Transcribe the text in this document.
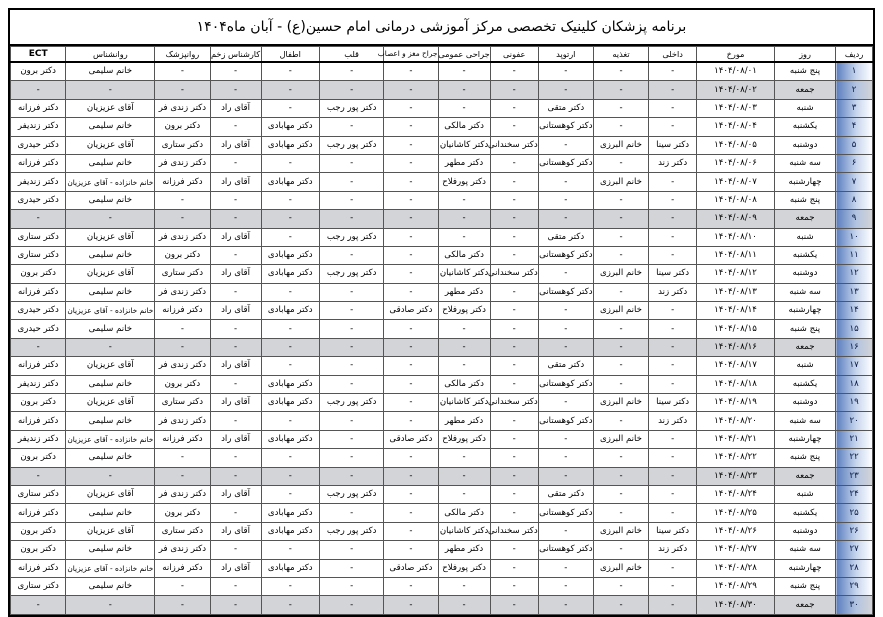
برنامه پزشکان کلینیک تخصصی مرکز آموزشی درمانی امام حسین(ع) - آبان ماه۱۴۰۴
ردیف	روز	مورخ	داخلی	تغذیه	ارتوپد	عفونی	جراحی عمومی	جراح مغز و اعصاب	قلب	اطفال	کارشناس زخم	روانپزشک	روانشناس	ECT
۱	پنج شنبه	۱۴۰۴/۰۸/۰۱	-	-	-	-	-	-	-	-	-	-	خانم سلیمی	دکتر برون
۲	جمعه	۱۴۰۴/۰۸/۰۲	-	-	-	-	-	-	-	-	-	-	-	-
۳	شنبه	۱۴۰۴/۰۸/۰۳	-	-	دکتر متقی	-	-	-	دکتر پور رجب	-	آقای راد	دکتر زندی فر	آقای عزیزیان	دکتر فرزانه
۴	یکشنبه	۱۴۰۴/۰۸/۰۴	-	-	دکتر کوهستانی	-	دکتر مالکی	-	-	دکتر مهابادی	-	دکتر برون	خانم سلیمی	دکتر زندیفر
۵	دوشنبه	۱۴۰۴/۰۸/۰۵	دکتر سینا	خانم البرزی	-	دکتر سخندانی	دکتر کاشانیان	-	دکتر پور رجب	دکتر مهابادی	آقای راد	دکتر ستاری	آقای عزیزیان	دکتر حیدری
۶	سه شنبه	۱۴۰۴/۰۸/۰۶	دکتر زند	-	دکتر کوهستانی	-	دکتر مطهر	-	-	-	-	دکتر زندی فر	خانم سلیمی	دکتر فرزانه
۷	چهارشنبه	۱۴۰۴/۰۸/۰۷	-	خانم البرزی	-	-	دکتر پورفلاح	-	-	دکتر مهابادی	آقای راد	دکتر فرزانه	خانم خانزاده - آقای عزیزیان	دکتر زندیفر
۸	پنج شنبه	۱۴۰۴/۰۸/۰۸	-	-	-	-	-	-	-	-	-	-	خانم سلیمی	دکتر حیدری
۹	جمعه	۱۴۰۴/۰۸/۰۹	-	-	-	-	-	-	-	-	-	-	-	-
۱۰	شنبه	۱۴۰۴/۰۸/۱۰	-	-	دکتر متقی	-	-	-	دکتر پور رجب	-	آقای راد	دکتر زندی فر	آقای عزیزیان	دکتر ستاری
۱۱	یکشنبه	۱۴۰۴/۰۸/۱۱	-	-	دکتر کوهستانی	-	دکتر مالکی	-	-	دکتر مهابادی	-	دکتر برون	خانم سلیمی	دکتر ستاری
۱۲	دوشنبه	۱۴۰۴/۰۸/۱۲	دکتر سینا	خانم البرزی	-	دکتر سخندانی	دکتر کاشانیان	-	دکتر پور رجب	دکتر مهابادی	آقای راد	دکتر ستاری	آقای عزیزیان	دکتر برون
۱۳	سه شنبه	۱۴۰۴/۰۸/۱۳	دکتر زند	-	دکتر کوهستانی	-	دکتر مطهر	-	-	-	-	دکتر زندی فر	خانم سلیمی	دکتر فرزانه
۱۴	چهارشنبه	۱۴۰۴/۰۸/۱۴	-	خانم البرزی	-	-	دکتر پورفلاح	دکتر صادقی	-	دکتر مهابادی	آقای راد	دکتر فرزانه	خانم خانزاده - آقای عزیزیان	دکتر حیدری
۱۵	پنج شنبه	۱۴۰۴/۰۸/۱۵	-	-	-	-	-	-	-	-	-	-	خانم سلیمی	دکتر حیدری
۱۶	جمعه	۱۴۰۴/۰۸/۱۶	-	-	-	-	-	-	-	-	-	-	-	-
۱۷	شنبه	۱۴۰۴/۰۸/۱۷	-	-	دکتر متقی	-	-	-	-	-	آقای راد	دکتر زندی فر	آقای عزیزیان	دکتر فرزانه
۱۸	یکشنبه	۱۴۰۴/۰۸/۱۸	-	-	دکتر کوهستانی	-	دکتر مالکی	-	-	دکتر مهابادی	-	دکتر برون	خانم سلیمی	دکتر زندیفر
۱۹	دوشنبه	۱۴۰۴/۰۸/۱۹	دکتر سینا	خانم البرزی	-	دکتر سخندانی	دکتر کاشانیان	-	دکتر پور رجب	دکتر مهابادی	آقای راد	دکتر ستاری	آقای عزیزیان	دکتر برون
۲۰	سه شنبه	۱۴۰۴/۰۸/۲۰	دکتر زند	-	دکتر کوهستانی	-	دکتر مطهر	-	-	-	-	دکتر زندی فر	خانم سلیمی	دکتر فرزانه
۲۱	چهارشنبه	۱۴۰۴/۰۸/۲۱	-	خانم البرزی	-	-	دکتر پورفلاح	دکتر صادقی	-	دکتر مهابادی	آقای راد	دکتر فرزانه	خانم خانزاده - آقای عزیزیان	دکتر زندیفر
۲۲	پنج شنبه	۱۴۰۴/۰۸/۲۲	-	-	-	-	-	-	-	-	-	-	خانم سلیمی	دکتر برون
۲۳	جمعه	۱۴۰۴/۰۸/۲۳	-	-	-	-	-	-	-	-	-	-	-	-
۲۴	شنبه	۱۴۰۴/۰۸/۲۴	-	-	دکتر متقی	-	-	-	دکتر پور رجب	-	آقای راد	دکتر زندی فر	آقای عزیزیان	دکتر ستاری
۲۵	یکشنبه	۱۴۰۴/۰۸/۲۵	-	-	دکتر کوهستانی	-	دکتر مالکی	-	-	دکتر مهابادی	-	دکتر برون	خانم سلیمی	دکتر فرزانه
۲۶	دوشنبه	۱۴۰۴/۰۸/۲۶	دکتر سینا	خانم البرزی	-	دکتر سخندانی	دکتر کاشانیان	-	دکتر پور رجب	دکتر مهابادی	آقای راد	دکتر ستاری	آقای عزیزیان	دکتر برون
۲۷	سه شنبه	۱۴۰۴/۰۸/۲۷	دکتر زند	-	دکتر کوهستانی	-	دکتر مطهر	-	-	-	-	دکتر زندی فر	خانم سلیمی	دکتر برون
۲۸	چهارشنبه	۱۴۰۴/۰۸/۲۸	-	خانم البرزی	-	-	دکتر پورفلاح	دکتر صادقی	-	دکتر مهابادی	آقای راد	دکتر فرزانه	خانم خانزاده - آقای عزیزیان	دکتر فرزانه
۲۹	پنج شنبه	۱۴۰۴/۰۸/۲۹	-	-	-	-	-	-	-	-	-	-	خانم سلیمی	دکتر ستاری
۳۰	جمعه	۱۴۰۴/۰۸/۳۰	-	-	-	-	-	-	-	-	-	-	-	-
